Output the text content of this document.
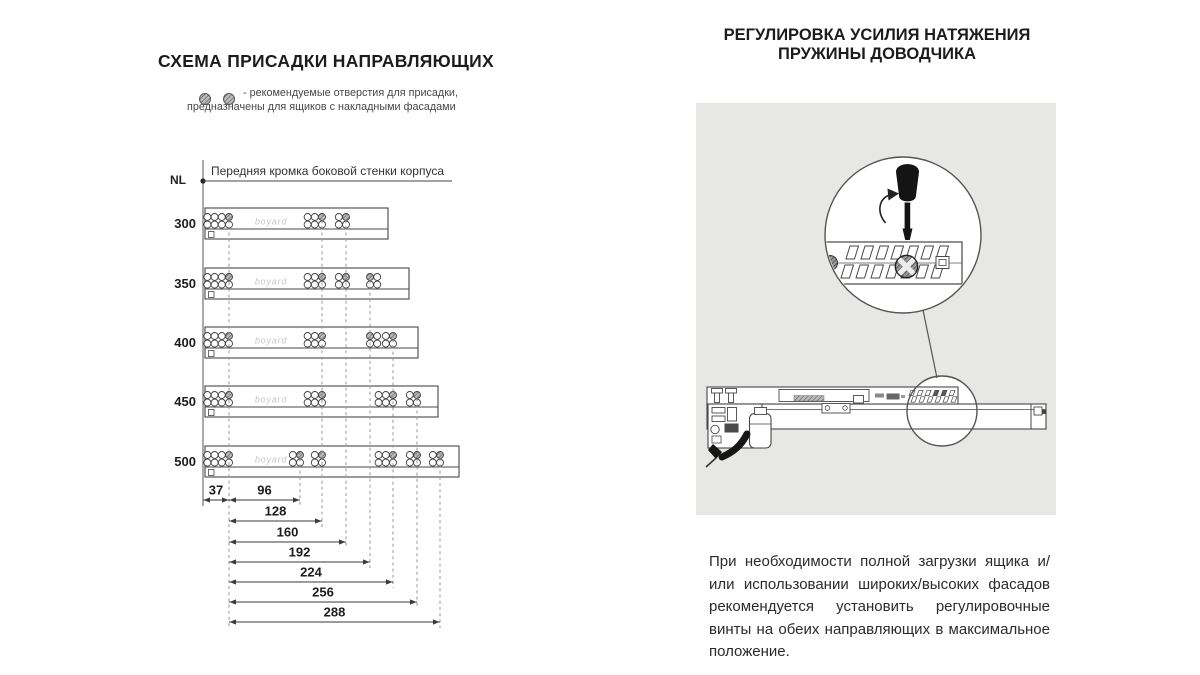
boyard
300
boyard
350
boyard
400
boyard
450
boyard
500
37	96
128
160
192
224
256
288
СХЕМА ПРИСАДКИ НАПРАВЛЯЮЩИХ
- рекомендуемые отверстия для присадки,
предназначены для ящиков с накладными фасадами
NL
Передняя кромка боковой стенки корпуса
РЕГУЛИРОВКА УСИЛИЯ НАТЯЖЕНИЯ
ПРУЖИНЫ ДОВОДЧИКА
При необходимости полной загрузки ящика и/или использовании широких/высоких фасадов рекомендуется установить регулировочные винты на обеих направляющих в максимальное положение.
